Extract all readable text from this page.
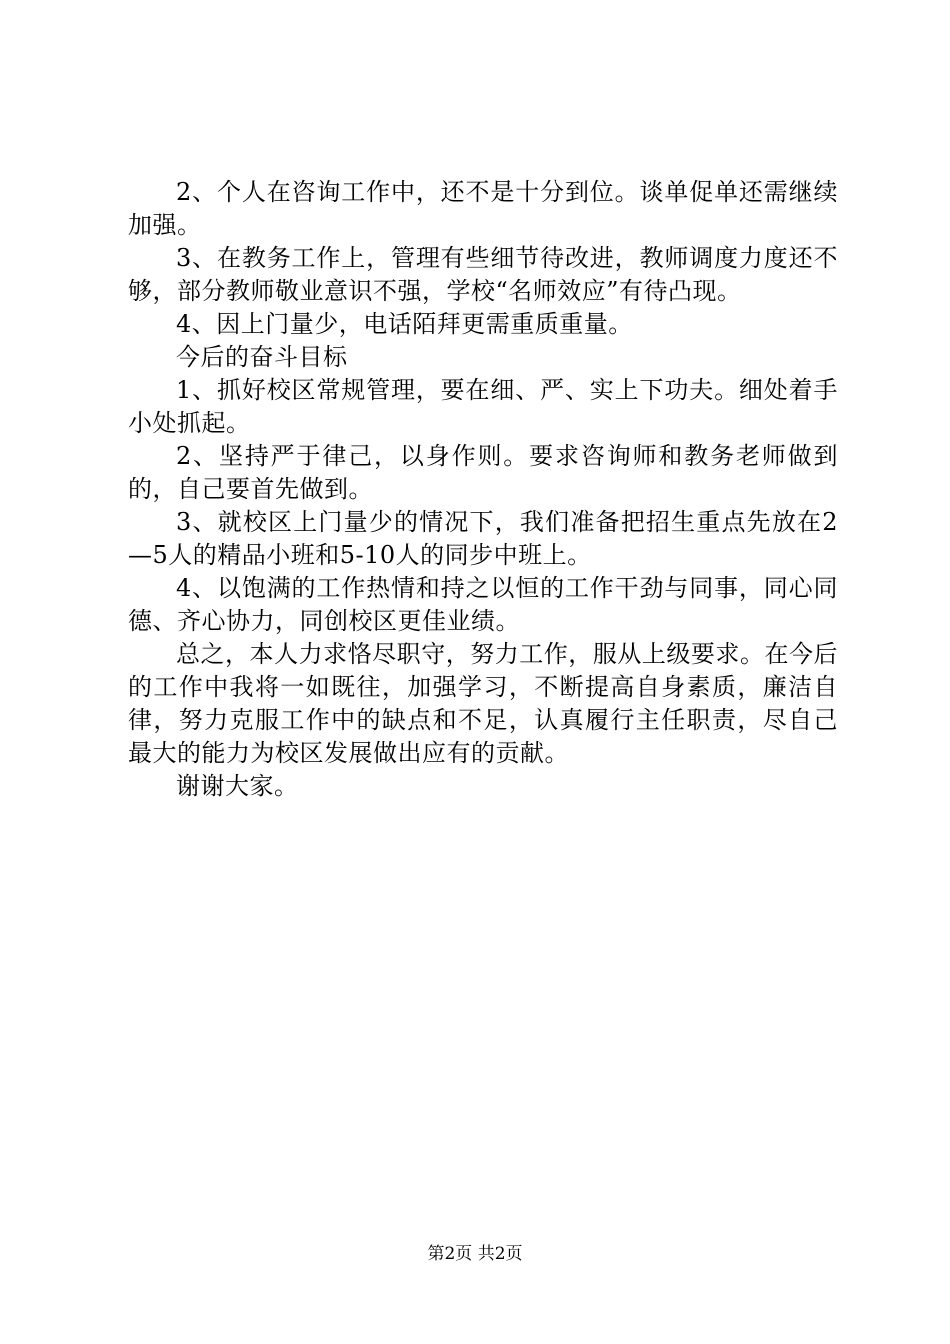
2、个人在咨询工作中，还不是十分到位。谈单促单还需继续加强。

3、在教务工作上，管理有些细节待改进，教师调度力度还不够，部分教师敬业意识不强，学校“名师效应”有待凸现。

4、因上门量少，电话陌拜更需重质重量。

今后的奋斗目标

1、抓好校区常规管理，要在细、严、实上下功夫。细处着手小处抓起。

2、坚持严于律己，以身作则。要求咨询师和教务老师做到的，自己要首先做到。

3、就校区上门量少的情况下，我们准备把招生重点先放在2—5人的精品小班和5-10人的同步中班上。

4、以饱满的工作热情和持之以恒的工作干劲与同事，同心同德、齐心协力，同创校区更佳业绩。

总之，本人力求恪尽职守，努力工作，服从上级要求。在今后的工作中我将一如既往，加强学习，不断提高自身素质，廉洁自律，努力克服工作中的缺点和不足，认真履行主任职责，尽自己最大的能力为校区发展做出应有的贡献。

谢谢大家。

第2页 共2页
